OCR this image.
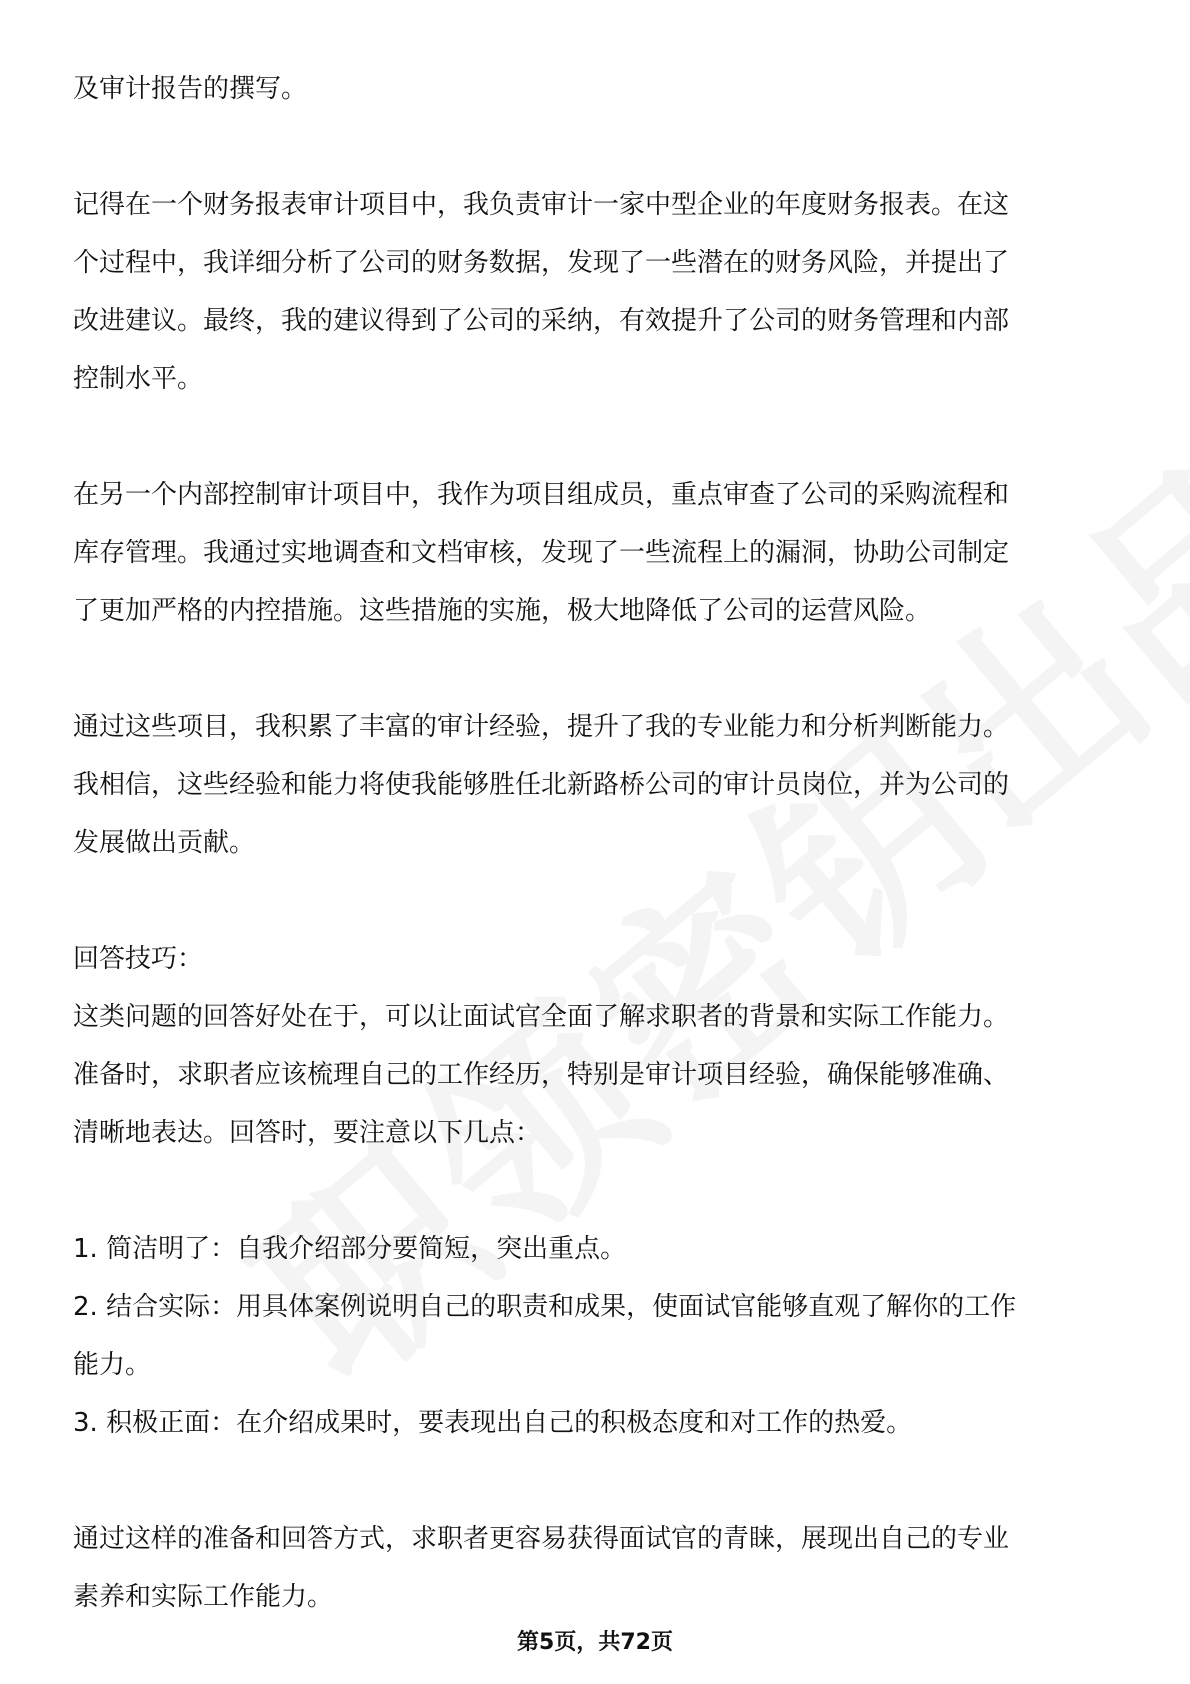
及审计报告的撰写。
记得在一个财务报表审计项目中，我负责审计一家中型企业的年度财务报表。在这
个过程中，我详细分析了公司的财务数据，发现了一些潜在的财务风险，并提出了
改进建议。最终，我的建议得到了公司的采纳，有效提升了公司的财务管理和内部
控制水平。
在另一个内部控制审计项目中，我作为项目组成员，重点审查了公司的采购流程和
库存管理。我通过实地调查和文档审核，发现了一些流程上的漏洞，协助公司制定
了更加严格的内控措施。这些措施的实施，极大地降低了公司的运营风险。
通过这些项目，我积累了丰富的审计经验，提升了我的专业能力和分析判断能力。
我相信，这些经验和能力将使我能够胜任北新路桥公司的审计员岗位，并为公司的
发展做出贡献。
回答技巧：
这类问题的回答好处在于，可以让面试官全面了解求职者的背景和实际工作能力。
准备时，求职者应该梳理自己的工作经历，特别是审计项目经验，确保能够准确、
清晰地表达。回答时，要注意以下几点：
1. 简洁明了：自我介绍部分要简短，突出重点。
2. 结合实际：用具体案例说明自己的职责和成果，使面试官能够直观了解你的工作
能力。
3. 积极正面：在介绍成果时，要表现出自己的积极态度和对工作的热爱。
通过这样的准备和回答方式，求职者更容易获得面试官的青睐，展现出自己的专业
素养和实际工作能力。
第5页，共72页
